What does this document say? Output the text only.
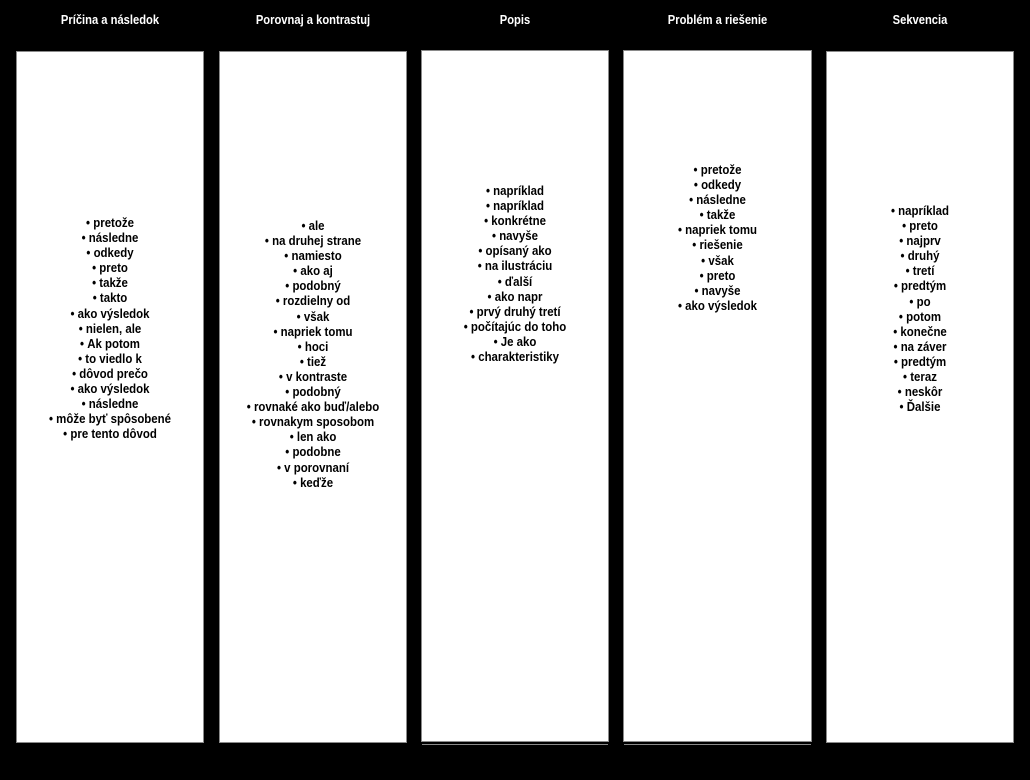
Príčina a následok	Porovnaj a kontrastuj	Popis	Problém a riešenie	Sekvencia
• pretože
• následne
• odkedy
• preto
• takže
• takto
• ako výsledok
• nielen, ale
• Ak potom
• to viedlo k
• dôvod prečo
• ako výsledok
• následne
• môže byť spôsobené
• pre tento dôvod
• ale
• na druhej strane
• namiesto
• ako aj
• podobný
• rozdielny od
• však
• napriek tomu
• hoci
• tiež
• v kontraste
• podobný
• rovnaké ako buď/alebo
• rovnakym sposobom
• len ako
• podobne
• v porovnaní
• keďže
• napríklad
• napríklad
• konkrétne
• navyše
• opísaný ako
• na ilustráciu
• ďalší
• ako napr
• prvý druhý tretí
• počítajúc do toho
• Je ako
• charakteristiky
• pretože
• odkedy
• následne
• takže
• napriek tomu
• riešenie
• však
• preto
• navyše
• ako výsledok
• napríklad
• preto
• najprv
• druhý
• tretí
• predtým
• po
• potom
• konečne
• na záver
• predtým
• teraz
• neskôr
• Ďalšie
